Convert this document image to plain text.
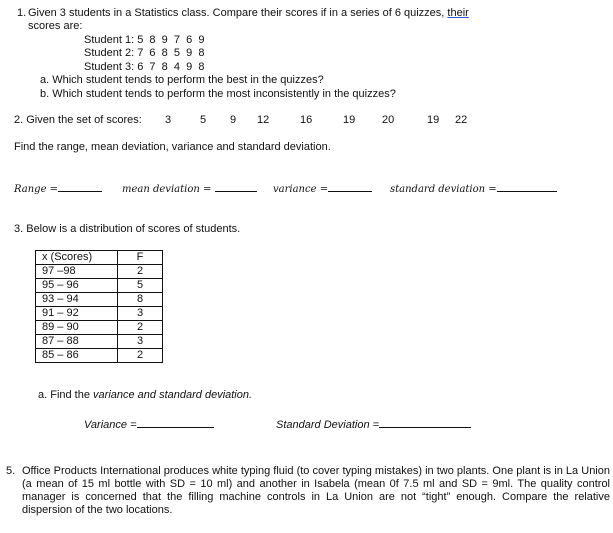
1. Given 3 students in a Statistics class. Compare their scores if in a series of 6 quizzes, their
scores are:
Student 1: 5  8  9  7  6  9
Student 2: 7  6  8  5  9  8
Student 3: 6  7  8  4  9  8
a. Which student tends to perform the best in the quizzes?
b. Which student tends to perform the most inconsistently in the quizzes?
2. Given the set of scores: 3	5 9 12	16	19 20	19 22
Find the range, mean deviation, variance and standard deviation.
Range =	mean deviation =	variance =	standard deviation =
3. Below is a distribution of scores of students.
x (Scores)	F
97 –98	2
95 – 96	5
93 – 94	8
91 – 92	3
89 – 90	2
87 – 88	3
85 – 86	2
a. Find the variance and standard deviation.
Variance =	Standard Deviation =
5. Office Products International produces white typing fluid (to cover typing mistakes) in two plants. One plant is in La Union (a mean of 15 ml bottle with SD = 10 ml) and another in Isabela (mean 0f 7.5 ml and SD = 9ml. The quality control manager is concerned that the filling machine controls in La Union are not “tight” enough. Compare the relative dispersion of the two locations.
